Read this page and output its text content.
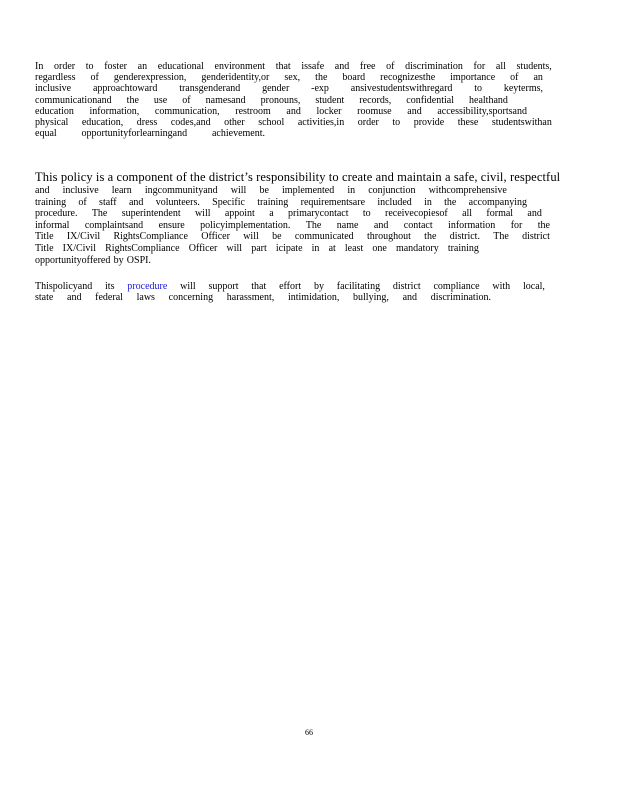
In order to foster an educational environment that issafe and free of discrimination for all students,
regardless of genderexpression, genderidentity,or sex, the board recognizesthe importance of an
inclusive approachtoward transgenderand gender -exp ansivestudentswithregard to keyterms,
communicationand the use of namesand pronouns, student records, confidential healthand
education information, communication, restroom and locker roomuse and accessibility,sportsand
physical education, dress codes,and other school activities,in order to provide these studentswithan
equal opportunityforlearningand achievement.
This policy is a component of the district’s responsibility to create and maintain a safe, civil, respectful
and inclusive learn ingcommunityand will be implemented in conjunction withcomprehensive
training of staff and volunteers. Specific training requirementsare included in the accompanying
procedure. The superintendent will appoint a primarycontact to receivecopiesof all formal and
informal complaintsand ensure policyimplementation. The name and contact information for the
Title IX/Civil RightsCompliance Officer will be communicated throughout the district. The district
Title IX/Civil RightsCompliance Officer will part icipate in at least one mandatory training
opportunityoffered by OSPI.
Thispolicyand its procedure will support that effort by facilitating district compliance with local,
state and federal laws concerning harassment, intimidation, bullying, and discrimination.
66
